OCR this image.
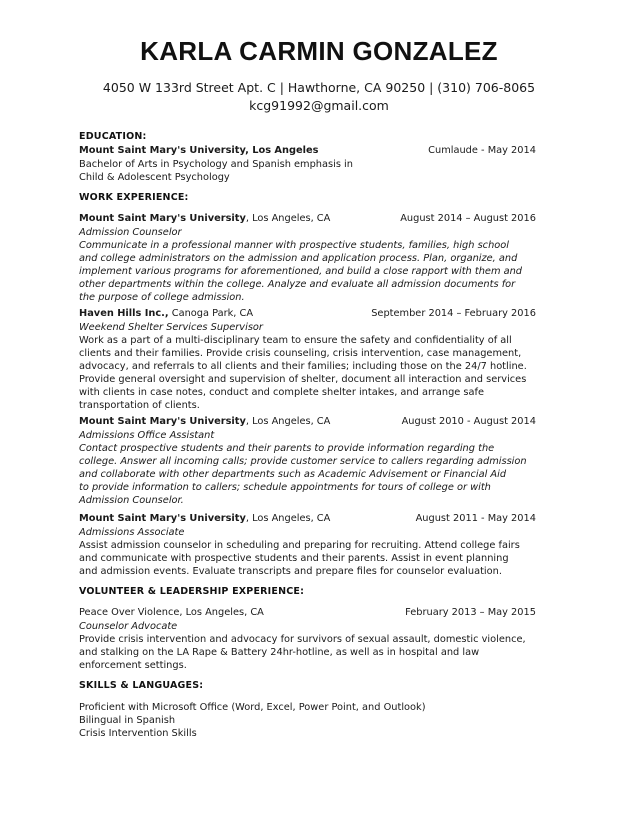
KARLA CARMIN GONZALEZ
4050 W 133rd Street Apt. C | Hawthorne, CA 90250 | (310) 706-8065
kcg91992@gmail.com
EDUCATION:
Mount Saint Mary's University, Los Angeles	Cumlaude - May 2014
Bachelor of Arts in Psychology and Spanish emphasis in
Child & Adolescent Psychology
WORK EXPERIENCE:
Mount Saint Mary's University, Los Angeles, CA	August 2014 – August 2016
Admission Counselor
Communicate in a professional manner with prospective students, families, high school
and college administrators on the admission and application process. Plan, organize, and
implement various programs for aforementioned, and build a close rapport with them and
other departments within the college. Analyze and evaluate all admission documents for
the purpose of college admission.
Haven Hills Inc., Canoga Park, CA	September 2014 – February 2016
Weekend Shelter Services Supervisor
Work as a part of a multi-disciplinary team to ensure the safety and confidentiality of all
clients and their families. Provide crisis counseling, crisis intervention, case management,
advocacy, and referrals to all clients and their families; including those on the 24/7 hotline.
Provide general oversight and supervision of shelter, document all interaction and services
with clients in case notes, conduct and complete shelter intakes, and arrange safe
transportation of clients.
Mount Saint Mary's University, Los Angeles, CA	August 2010 - August 2014
Admissions Office Assistant
Contact prospective students and their parents to provide information regarding the
college. Answer all incoming calls; provide customer service to callers regarding admission
and collaborate with other departments such as Academic Advisement or Financial Aid
to provide information to callers; schedule appointments for tours of college or with
Admission Counselor.
Mount Saint Mary's University, Los Angeles, CA	August 2011 - May 2014
Admissions Associate
Assist admission counselor in scheduling and preparing for recruiting. Attend college fairs
and communicate with prospective students and their parents. Assist in event planning
and admission events. Evaluate transcripts and prepare files for counselor evaluation.
VOLUNTEER & LEADERSHIP EXPERIENCE:
Peace Over Violence, Los Angeles, CA	February 2013 – May 2015
Counselor Advocate
Provide crisis intervention and advocacy for survivors of sexual assault, domestic violence,
and stalking on the LA Rape & Battery 24hr-hotline, as well as in hospital and law
enforcement settings.
SKILLS & LANGUAGES:
Proficient with Microsoft Office (Word, Excel, Power Point, and Outlook)
Bilingual in Spanish
Crisis Intervention Skills
